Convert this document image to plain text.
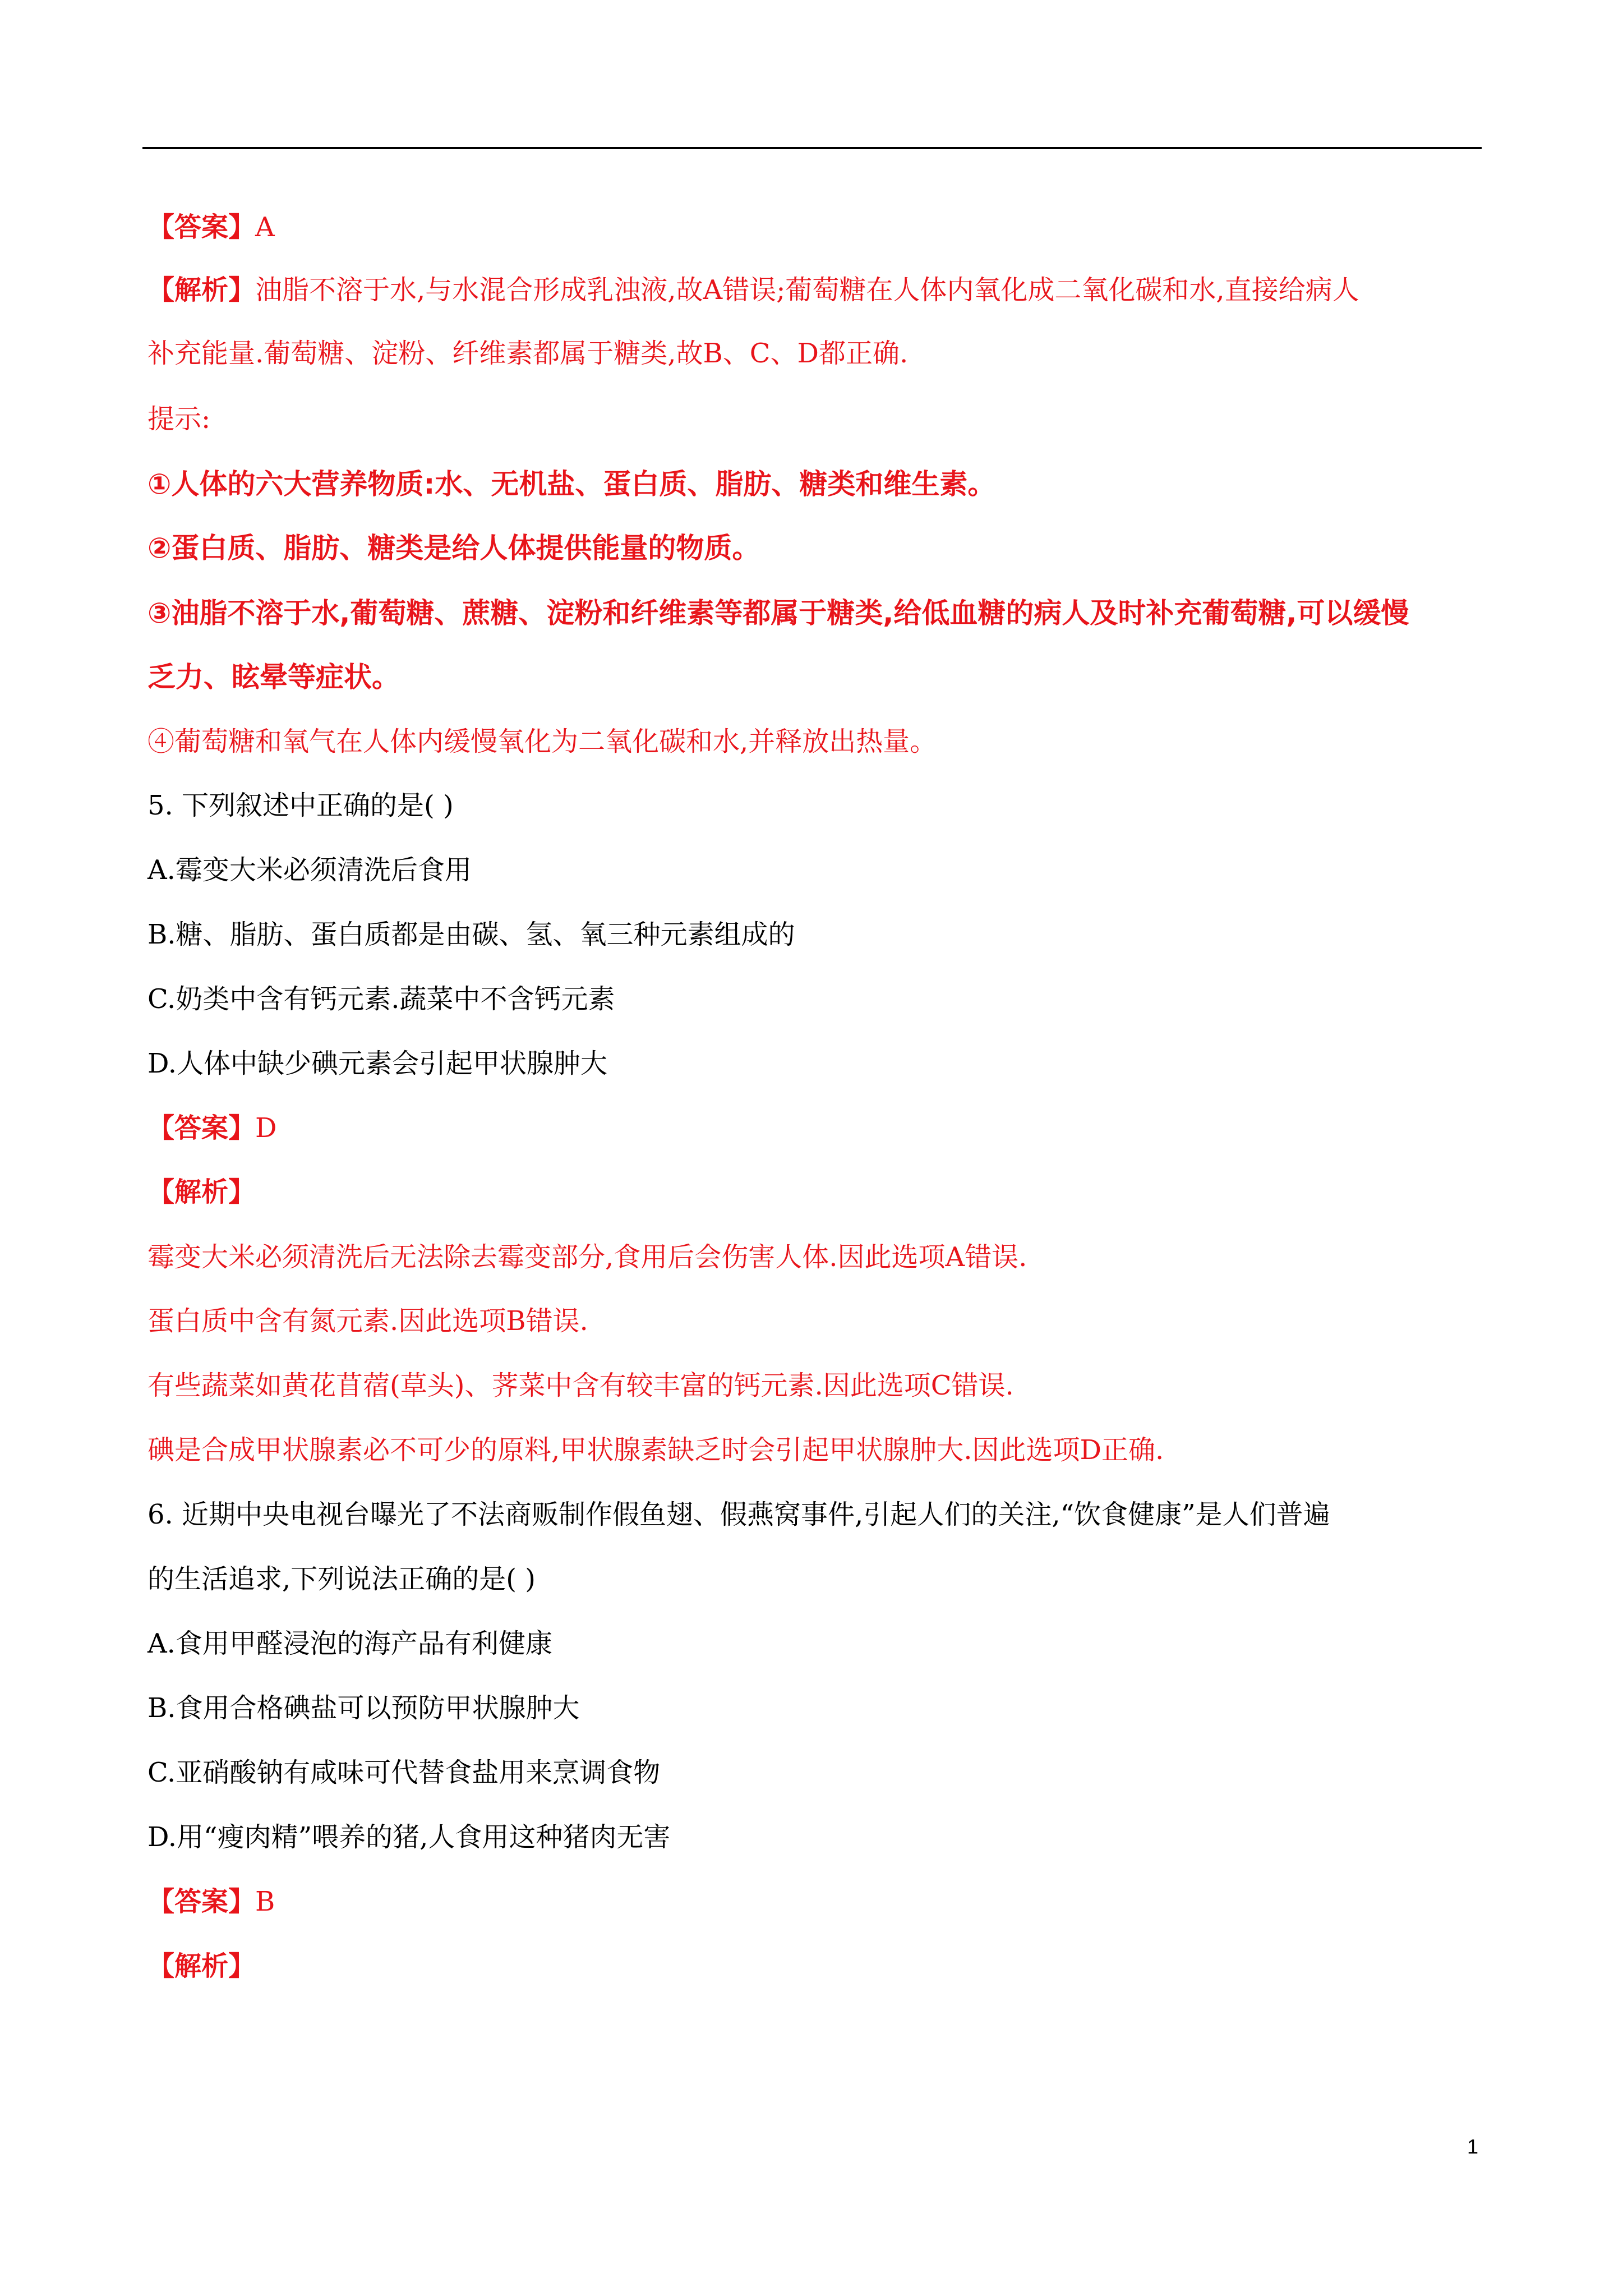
【答案】A
【解析】油脂不溶于水,与水混合形成乳浊液,故A错误;葡萄糖在人体内氧化成二氧化碳和水,直接给病人
补充能量.葡萄糖、淀粉、纤维素都属于糖类,故B、C、D都正确.
提示:
①人体的六大营养物质:水、无机盐、蛋白质、脂肪、糖类和维生素。
②蛋白质、脂肪、糖类是给人体提供能量的物质。
③油脂不溶于水,葡萄糖、蔗糖、淀粉和纤维素等都属于糖类,给低血糖的病人及时补充葡萄糖,可以缓慢
乏力、眩晕等症状。
④葡萄糖和氧气在人体内缓慢氧化为二氧化碳和水,并释放出热量。
5. 下列叙述中正确的是( )
A.霉变大米必须清洗后食用
B.糖、脂肪、蛋白质都是由碳、氢、氧三种元素组成的
C.奶类中含有钙元素.蔬菜中不含钙元素
D.人体中缺少碘元素会引起甲状腺肿大
【答案】D
【解析】
霉变大米必须清洗后无法除去霉变部分,食用后会伤害人体.因此选项A错误.
蛋白质中含有氮元素.因此选项B错误.
有些蔬菜如黄花苜蓿(草头)、荠菜中含有较丰富的钙元素.因此选项C错误.
碘是合成甲状腺素必不可少的原料,甲状腺素缺乏时会引起甲状腺肿大.因此选项D正确.
6. 近期中央电视台曝光了不法商贩制作假鱼翅、假燕窝事件,引起人们的关注,“饮食健康”是人们普遍
的生活追求,下列说法正确的是( )
A.食用甲醛浸泡的海产品有利健康
B.食用合格碘盐可以预防甲状腺肿大
C.亚硝酸钠有咸味可代替食盐用来烹调食物
D.用“瘦肉精”喂养的猪,人食用这种猪肉无害
【答案】B
【解析】
1
